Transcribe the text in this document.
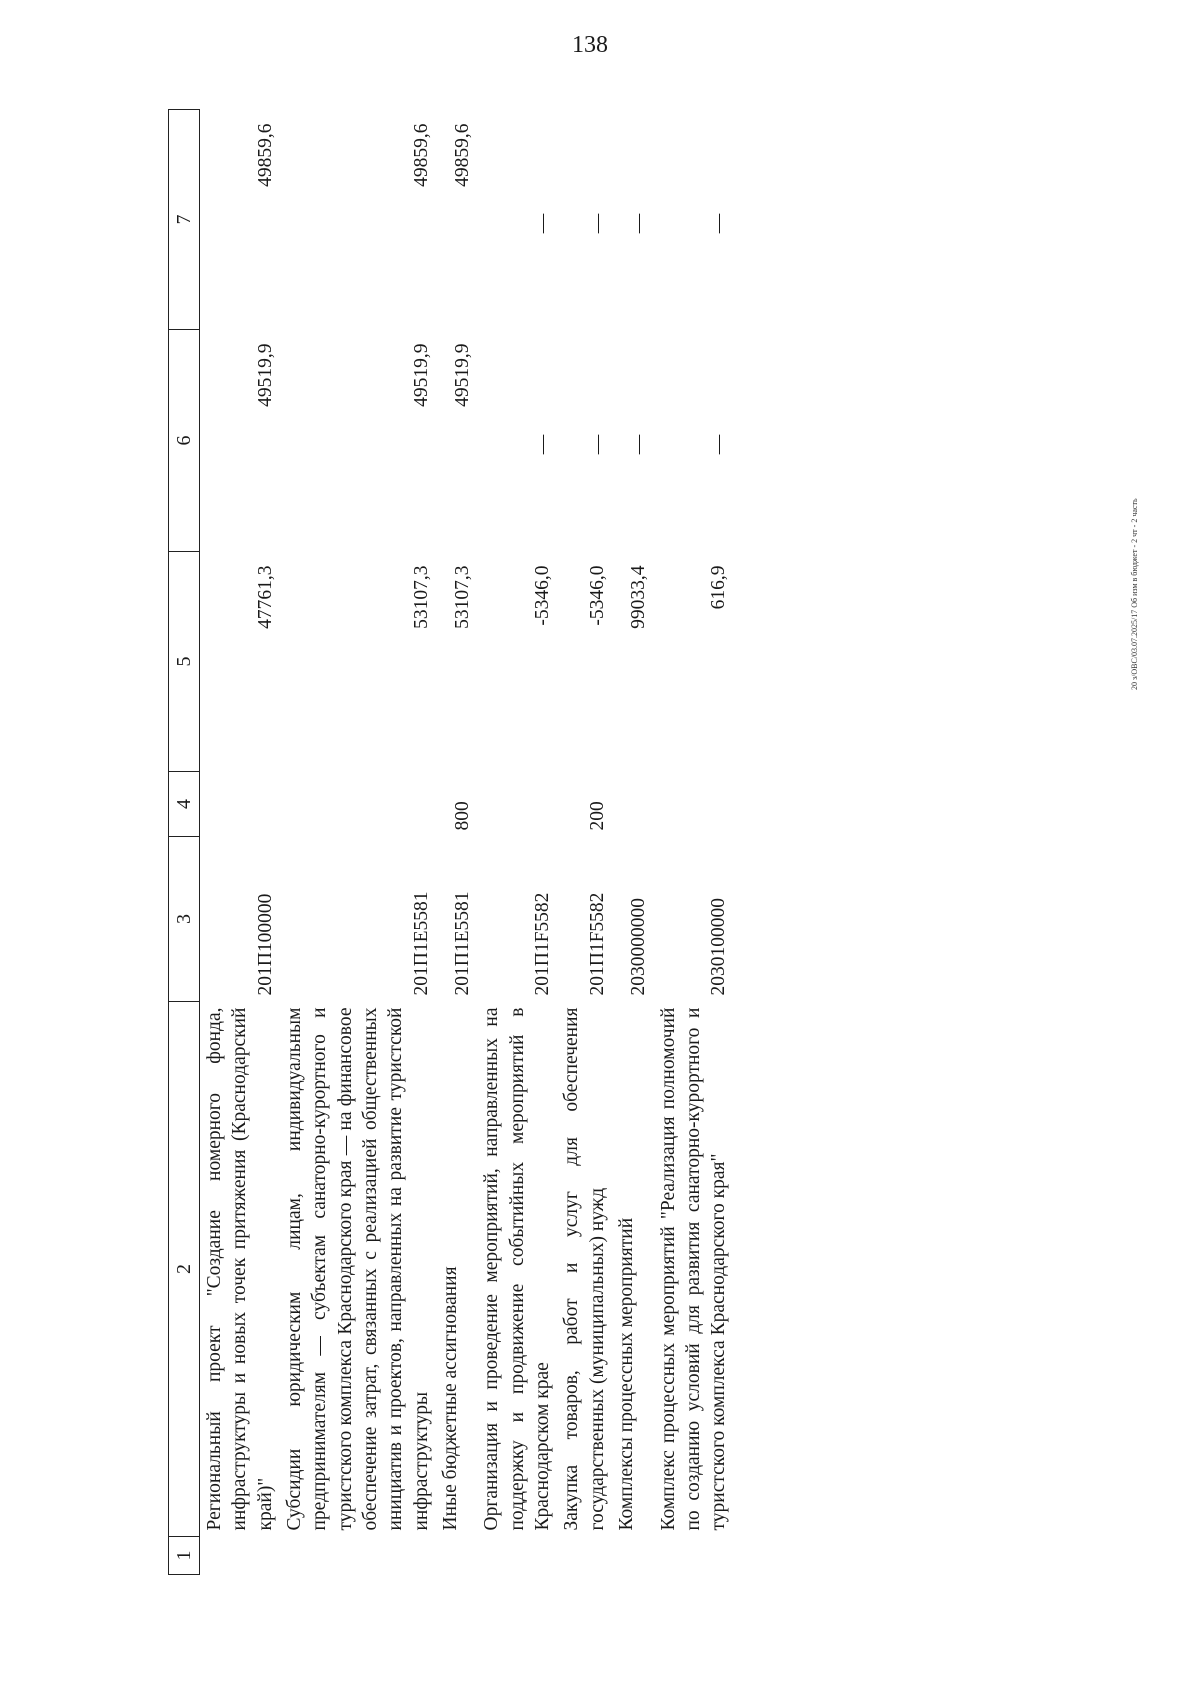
138
20 з/ОВС/03.07.2025/17 Об изм в бюджет - 2 чт - 2 часть
1	2	3	4	5	6	7
	Региональный проект "Создание номерного фонда, инфраструктуры и новых точек притяжения (Краснодарский край)"	201П100000		47761,3	49519,9	49859,6
	Субсидии юридическим лицам, индивидуальным предпринимателям — субъектам санаторно-курортного и туристского комплекса Краснодарского края — на финансовое обеспечение затрат, связанных с реализацией общественных инициатив и проектов, направленных на развитие туристской инфраструктуры	201П1Е5581		53107,3	49519,9	49859,6
	Иные бюджетные ассигнования	201П1Е5581	800	53107,3	49519,9	49859,6
	Организация и проведение мероприятий, направленных на поддержку и продвижение событийных мероприятий в Краснодарском крае	201П1F5582		-5346,0	—	—
	Закупка товаров, работ и услуг для обеспечения государственных (муниципальных) нужд	201П1F5582	200	-5346,0	—	—
	Комплексы процессных мероприятий	2030000000		99033,4	—	—
	Комплекс процессных мероприятий "Реализация полномочий по созданию условий для развития санаторно-курортного и туристского комплекса Краснодарского края"	2030100000		616,9	—	—
